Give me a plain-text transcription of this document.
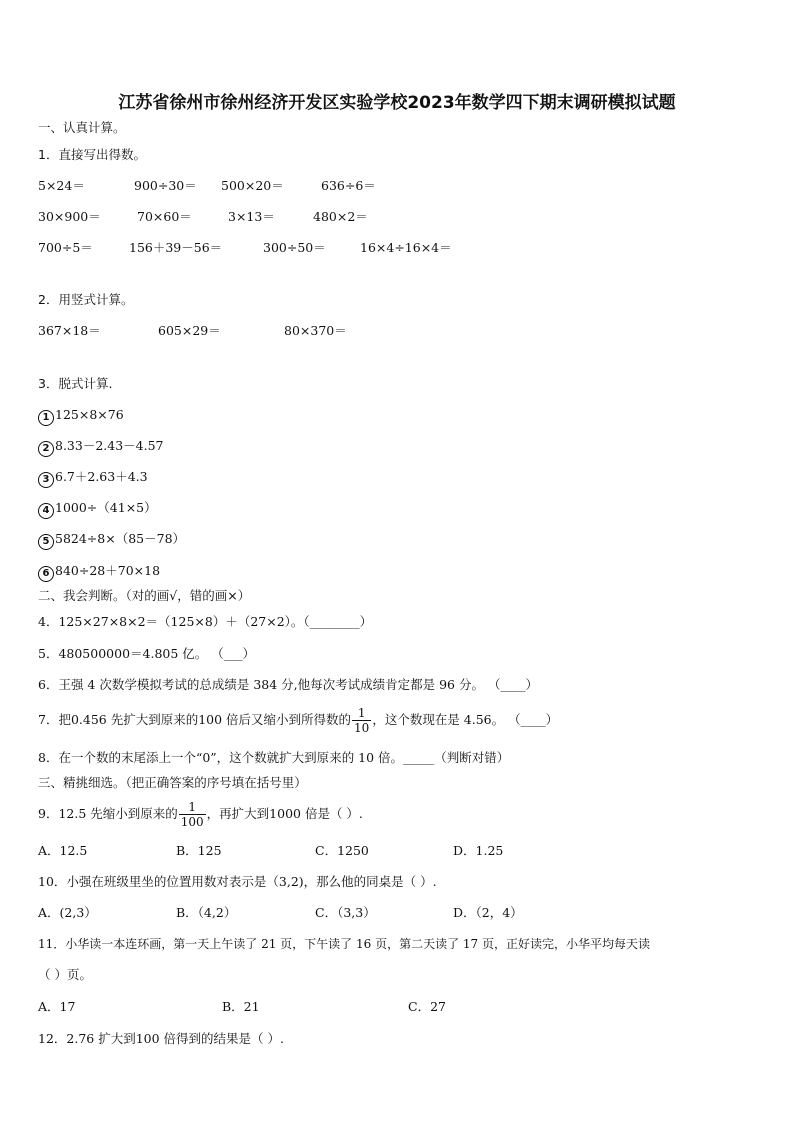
江苏省徐州市徐州经济开发区实验学校2023年数学四下期末调研模拟试题
一、认真计算。
1．直接写出得数。
5×24＝	900÷30＝ 500×20＝	636÷6＝
30×900＝	70×60＝	3×13＝	480×2＝
700÷5＝	156＋39－56＝	300÷50＝	16×4÷16×4＝
2．用竖式计算。
367×18＝	605×29＝	80×370＝
3．脱式计算.
1 125×8×76
2 8.33－2.43－4.57
3 6.7＋2.63＋4.3
4 1000÷（41×5）
5 5824÷8×（85－78）
6 840÷28＋70×18
二、我会判断。（对的画√，错的画×）
4．125×27×8×2＝（125×8）＋（27×2）。（________）
5．480500000＝4.805 亿。 （___）
6．王强 4 次数学模拟考试的总成绩是 384 分,他每次考试成绩肯定都是 96 分。 （____）
7．把0.456 先扩大到原来的100 倍后又缩小到所得数的 $\frac{1}{10}$ ，这个数现在是 4.56。 （____）
8．在一个数的末尾添上一个“0”，这个数就扩大到原来的 10 倍。_____（判断对错）
三、精挑细选。（把正确答案的序号填在括号里）
9．12.5 先缩小到原来的 $\frac{1}{100}$ ，再扩大到1000 倍是（ ）.
A．12.5	B．125	C．1250	D．1.25
10．小强在班级里坐的位置用数对表示是（3,2)，那么他的同桌是（ ）.
A．(2,3）	B．（4,2）	C．（3,3）	D．（2，4）
11．小华读一本连环画，第一天上午读了 21 页，下午读了 16 页，第二天读了 17 页，正好读完，小华平均每天读
（ ）页。
A．17	B．21	C．27
12．2.76 扩大到100 倍得到的结果是（ ）.
